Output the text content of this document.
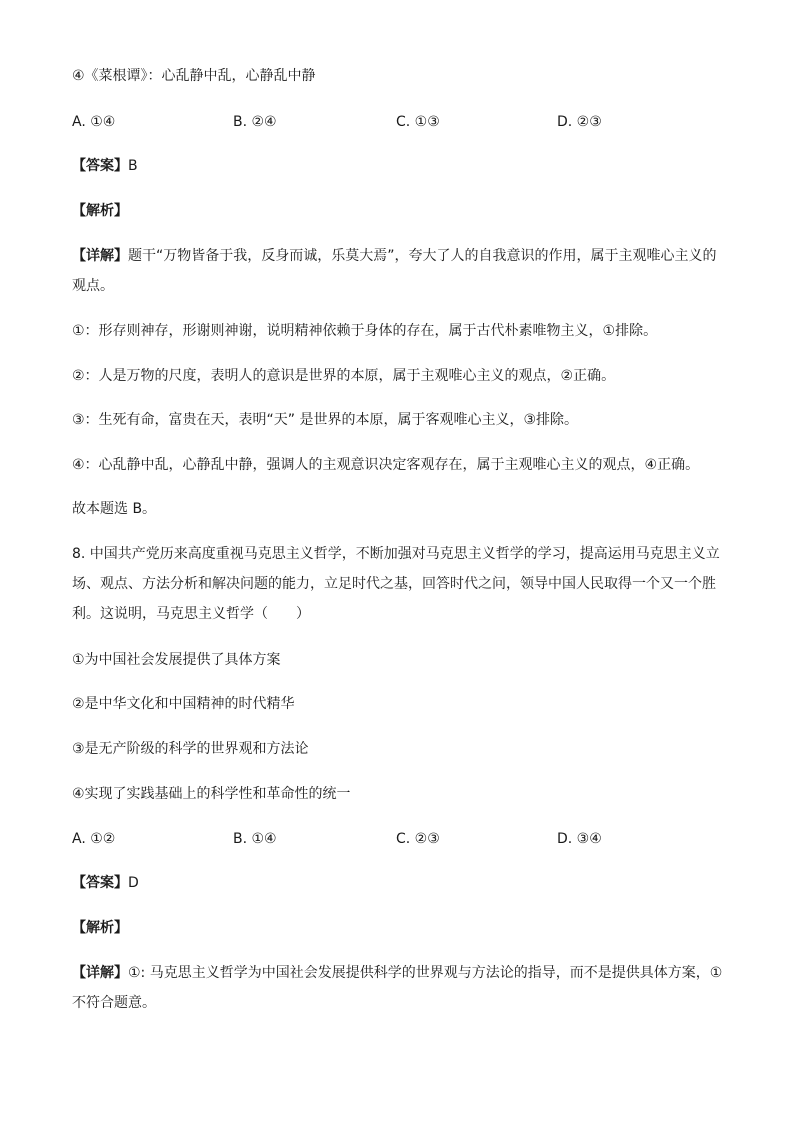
④《菜根谭》：心乱静中乱，心静乱中静
A. ①④	B. ②④	C. ①③	D. ②③
【答案】B
【解析】
【详解】题干“万物皆备于我，反身而诚，乐莫大焉”，夸大了人的自我意识的作用，属于主观唯心主义的
观点。
①：形存则神存，形谢则神谢，说明精神依赖于身体的存在，属于古代朴素唯物主义，①排除。
②：人是万物的尺度，表明人的意识是世界的本原，属于主观唯心主义的观点，②正确。
③：生死有命，富贵在天，表明“天” 是世界的本原，属于客观唯心主义，③排除。
④：心乱静中乱，心静乱中静，强调人的主观意识决定客观存在，属于主观唯心主义的观点，④正确。
故本题选 B。
8. 中国共产党历来高度重视马克思主义哲学，不断加强对马克思主义哲学的学习，提高运用马克思主义立
场、观点、方法分析和解决问题的能力，立足时代之基，回答时代之问，领导中国人民取得一个又一个胜
利。这说明，马克思主义哲学（　　）
①为中国社会发展提供了具体方案
②是中华文化和中国精神的时代精华
③是无产阶级的科学的世界观和方法论
④实现了实践基础上的科学性和革命性的统一
A. ①②	B. ①④	C. ②③	D. ③④
【答案】D
【解析】
【详解】①: 马克思主义哲学为中国社会发展提供科学的世界观与方法论的指导，而不是提供具体方案，①
不符合题意。
